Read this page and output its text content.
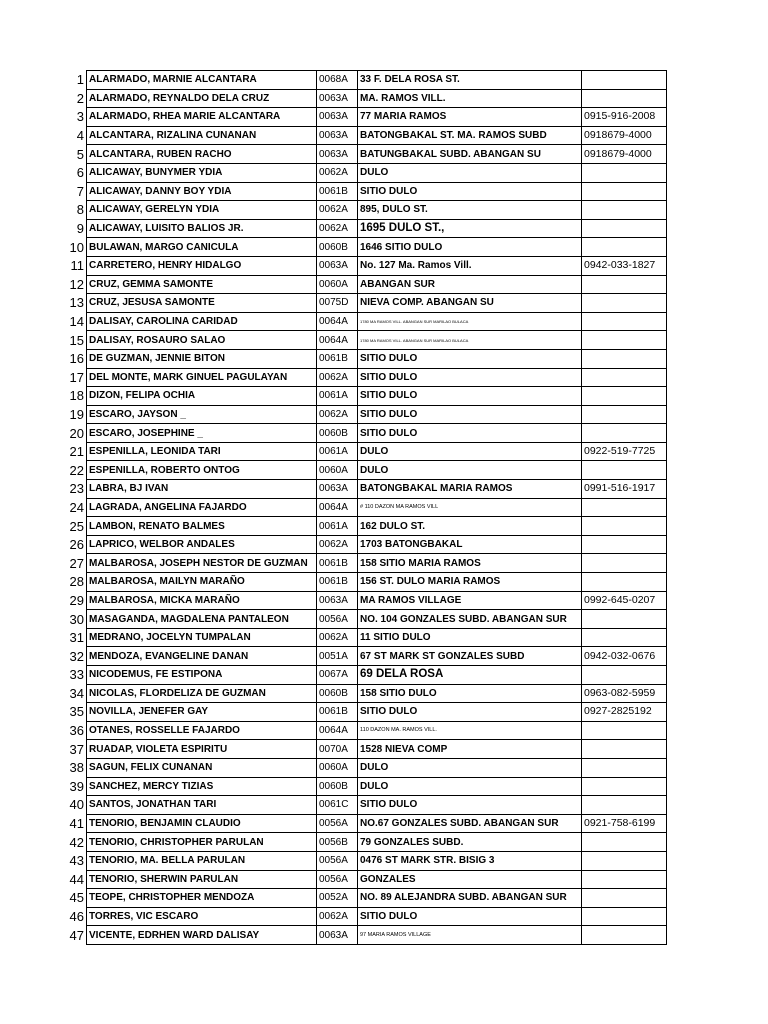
1	ALARMADO, MARNIE ALCANTARA	0068A	33 F. DELA ROSA ST.	
2	ALARMADO, REYNALDO DELA CRUZ	0063A	MA. RAMOS VILL.	
3	ALARMADO, RHEA MARIE ALCANTARA	0063A	77 MARIA RAMOS	0915-916-2008
4	ALCANTARA, RIZALINA CUNANAN	0063A	BATONGBAKAL ST. MA. RAMOS SUBD	0918679-4000
5	ALCANTARA, RUBEN RACHO	0063A	BATUNGBAKAL SUBD. ABANGAN SU	0918679-4000
6	ALICAWAY, BUNYMER YDIA	0062A	DULO	
7	ALICAWAY, DANNY BOY YDIA	0061B	SITIO DULO	
8	ALICAWAY, GERELYN YDIA	0062A	895, DULO ST.	
9	ALICAWAY, LUISITO BALIOS JR.	0062A	1695 DULO ST.,	
10	BULAWAN, MARGO CANICULA	0060B	1646 SITIO DULO	
11	CARRETERO, HENRY HIDALGO	0063A	No. 127 Ma. Ramos Vill.	0942-033-1827
12	CRUZ, GEMMA SAMONTE	0060A	ABANGAN SUR	
13	CRUZ, JESUSA SAMONTE	0075D	NIEVA COMP. ABANGAN SU	
14	DALISAY, CAROLINA CARIDAD	0064A	1780 MA RAMOS VILL. ABANGAN SUR MARILAO BULACA	
15	DALISAY, ROSAURO SALAO	0064A	1780 MA RAMOS VILL. ABANGAN SUR MARILAO BULACA	
16	DE GUZMAN, JENNIE BITON	0061B	SITIO DULO	
17	DEL MONTE, MARK GINUEL PAGULAYAN	0062A	SITIO DULO	
18	DIZON, FELIPA OCHIA	0061A	SITIO DULO	
19	ESCARO, JAYSON _	0062A	SITIO DULO	
20	ESCARO, JOSEPHINE _	0060B	SITIO DULO	
21	ESPENILLA, LEONIDA TARI	0061A	DULO	0922-519-7725
22	ESPENILLA, ROBERTO ONTOG	0060A	DULO	
23	LABRA, BJ IVAN	0063A	BATONGBAKAL MARIA RAMOS	0991-516-1917
24	LAGRADA, ANGELINA FAJARDO	0064A	# 110 DAZON MA RAMOS VILL	
25	LAMBON, RENATO BALMES	0061A	162 DULO ST.	
26	LAPRICO, WELBOR ANDALES	0062A	1703 BATONGBAKAL	
27	MALBAROSA, JOSEPH NESTOR DE GUZMAN	0061B	158 SITIO MARIA RAMOS	
28	MALBAROSA, MAILYN MARAÑO	0061B	156 ST. DULO MARIA RAMOS	
29	MALBAROSA, MICKA MARAÑO	0063A	MA RAMOS VILLAGE	0992-645-0207
30	MASAGANDA, MAGDALENA PANTALEON	0056A	NO. 104 GONZALES SUBD. ABANGAN SUR	
31	MEDRANO, JOCELYN TUMPALAN	0062A	11 SITIO DULO	
32	MENDOZA, EVANGELINE DANAN	0051A	67 ST MARK ST GONZALES SUBD	0942-032-0676
33	NICODEMUS, FE ESTIPONA	0067A	69 DELA ROSA	
34	NICOLAS, FLORDELIZA DE GUZMAN	0060B	158 SITIO DULO	0963-082-5959
35	NOVILLA, JENEFER GAY	0061B	SITIO DULO	0927-2825192
36	OTANES, ROSSELLE FAJARDO	0064A	110 DAZON MA. RAMOS VILL.	
37	RUADAP, VIOLETA ESPIRITU	0070A	1528 NIEVA COMP	
38	SAGUN, FELIX CUNANAN	0060A	DULO	
39	SANCHEZ, MERCY TIZIAS	0060B	DULO	
40	SANTOS, JONATHAN TARI	0061C	SITIO DULO	
41	TENORIO, BENJAMIN CLAUDIO	0056A	NO.67 GONZALES SUBD. ABANGAN SUR	0921-758-6199
42	TENORIO, CHRISTOPHER PARULAN	0056B	79 GONZALES SUBD.	
43	TENORIO, MA. BELLA PARULAN	0056A	0476 ST MARK STR. BISIG 3	
44	TENORIO, SHERWIN PARULAN	0056A	GONZALES	
45	TEOPE, CHRISTOPHER MENDOZA	0052A	NO. 89 ALEJANDRA SUBD. ABANGAN SUR	
46	TORRES, VIC ESCARO	0062A	SITIO DULO	
47	VICENTE, EDRHEN WARD DALISAY	0063A	97 MARIA RAMOS VILLAGE	
